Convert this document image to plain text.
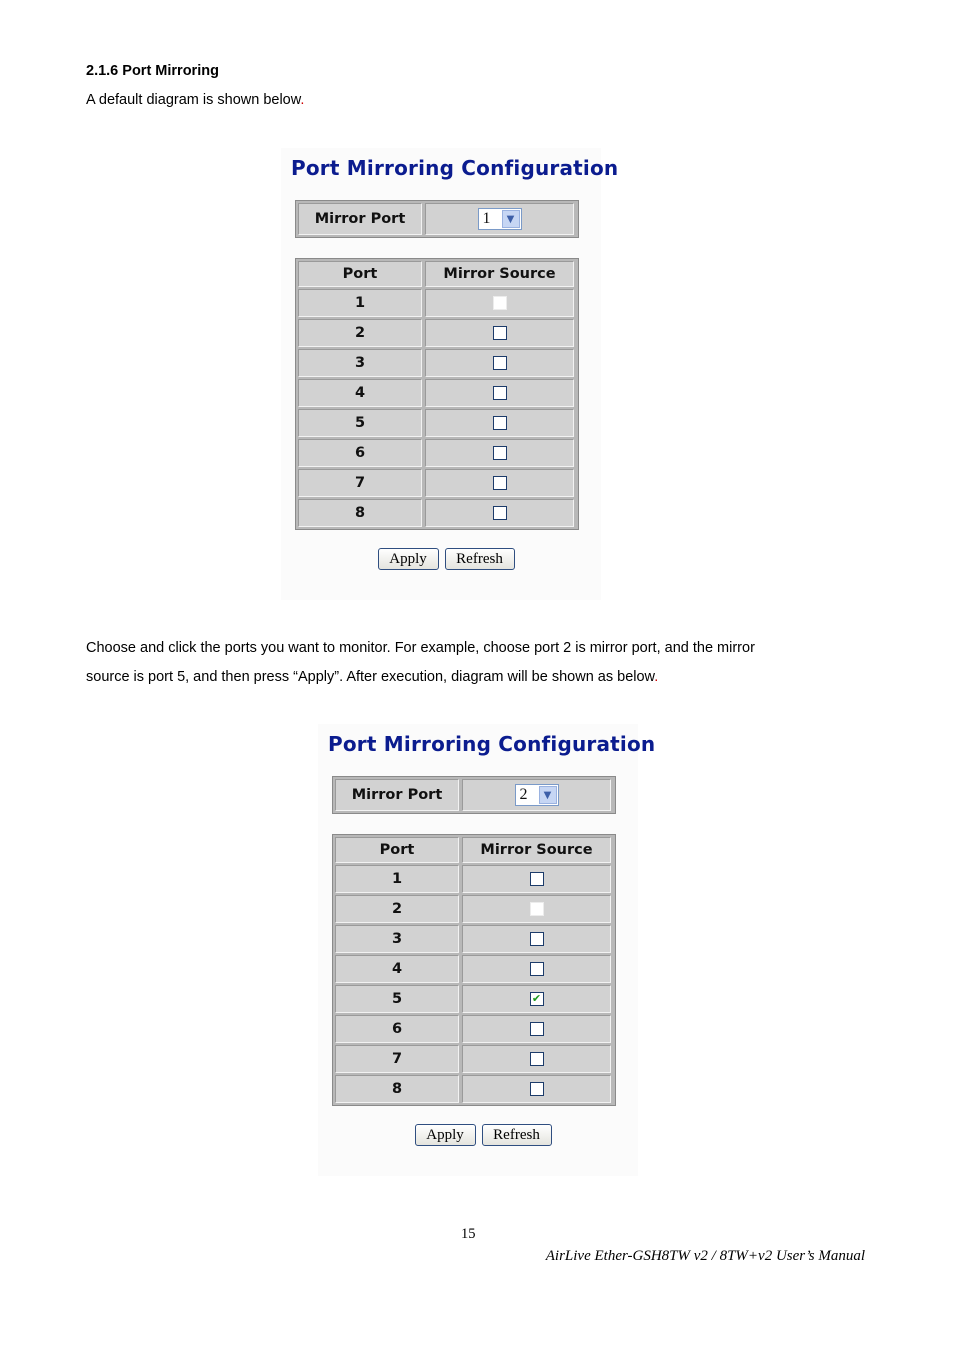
2.1.6 Port Mirroring
A default diagram is shown below.
Port Mirroring Configuration
Mirror Port	1	▼
Port	Mirror Source
1
2
3
4
5
6
7
8
Apply	Refresh
Choose and click the ports you want to monitor. For example, choose port 2 is mirror port, and the mirror
source is port 5, and then press “Apply”. After execution, diagram will be shown as below.
Port Mirroring Configuration
Mirror Port	2	▼
Port	Mirror Source
1
2
3
4
5	✔
6
7
8
Apply	Refresh
15
AirLive Ether-GSH8TW v2 / 8TW+v2 User’s Manual
